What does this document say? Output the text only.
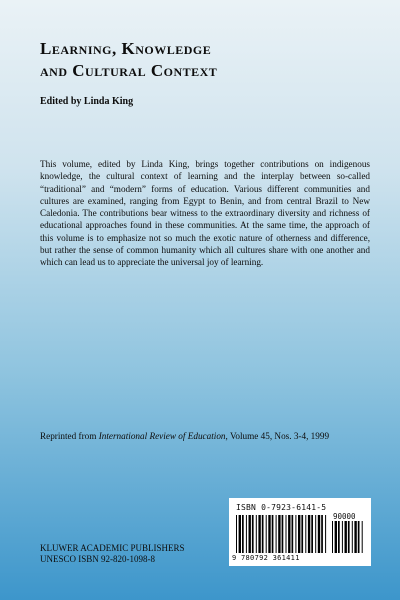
Learning, Knowledge
and Cultural Context
Edited by Linda King
This volume, edited by Linda King, brings together contributions on indigenous knowledge, the cultural context of learning and the interplay between so-called “traditional” and “modern” forms of education. Various different communities and cultures are examined, ranging from Egypt to Benin, and from central Brazil to New Caledonia. The contributions bear witness to the extraordinary diversity and richness of educational approaches found in these communities. At the same time, the approach of this volume is to emphasize not so much the exotic nature of otherness and difference, but rather the sense of common humanity which all cultures share with one another and which can lead us to appreciate the universal joy of learning.
Reprinted from International Review of Education, Volume 45, Nos. 3-4, 1999
KLUWER ACADEMIC PUBLISHERS
UNESCO ISBN 92-820-1098-8
ISBN 0-7923-6141-5
90000
9 780792 361411
